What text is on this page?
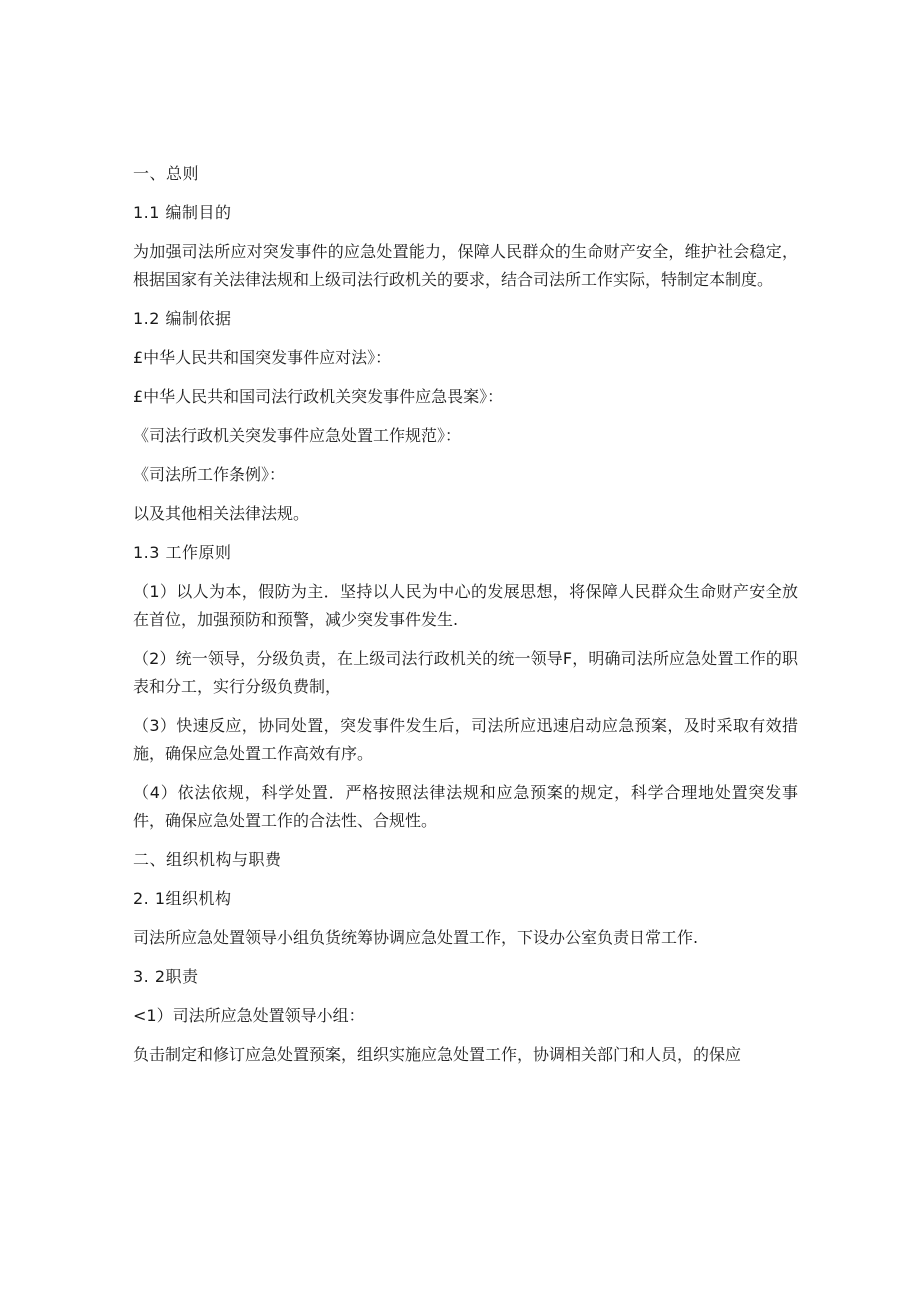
一、总则
1.1 编制目的
为加强司法所应对突发事件的应急处置能力，保障人民群众的生命财产安全，维护社会稳定，根据国家有关法律法规和上级司法行政机关的要求，结合司法所工作实际，特制定本制度。
1.2 编制依据
£中华人民共和国突发事件应对法》：
£中华人民共和国司法行政机关突发事件应急畏案》：
《司法行政机关突发事件应急处置工作规范》：
《司法所工作条例》：
以及其他相关法律法规。
1.3 工作原则
（1）以人为本，假防为主．坚持以人民为中心的发展思想，将保障人民群众生命财产安全放在首位，加强预防和预警，减少突发事件发生.
（2）统一领导，分级负责，在上级司法行政机关的统一领导F，明确司法所应急处置工作的职表和分工，实行分级负费制，
（3）快速反应，协同处置，突发事件发生后，司法所应迅速启动应急预案，及时采取有效措施，确保应急处置工作高效有序。
（4）依法依规，科学处置．严格按照法律法规和应急预案的规定，科学合理地处置突发事件，确保应急处置工作的合法性、合规性。
二、组织机构与职费
2. 1组织机构
司法所应急处置领导小组负货统筹协调应急处置工作，下设办公室负责日常工作.
3. 2职责
<1）司法所应急处置领导小组：
负击制定和修订应急处置预案，组织实施应急处置工作，协调相关部门和人员，的保应
